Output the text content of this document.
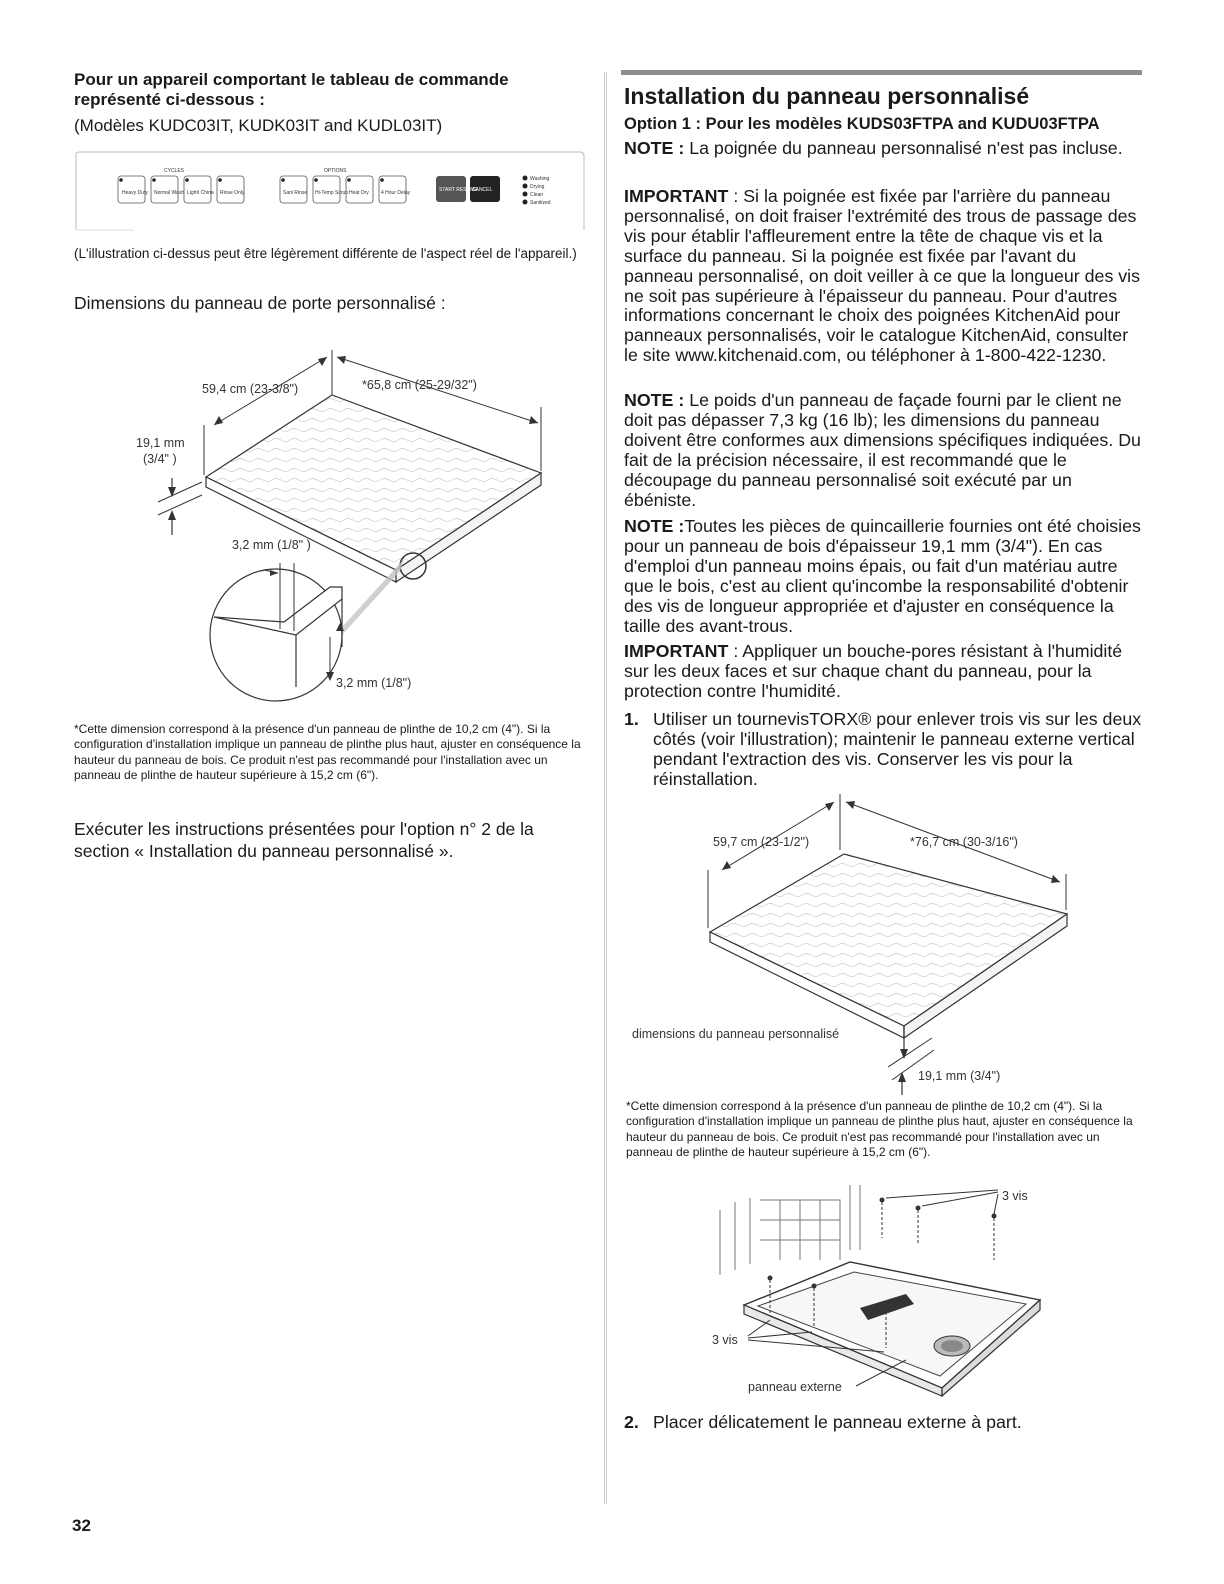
Pour un appareil comportant le tableau de commande représenté ci-dessous :
(Modèles KUDC03IT, KUDK03IT and KUDL03IT)
CYCLES	OPTIONS
Heavy Duty Normal Wash Light/ China Rinse Only	Sani Rinse Hi-Temp Scrub Heat Dry 4 Hour Delay	START RESUME
CANCEL
Washing
Drying
Clean
Sanitized
(L'illustration ci-dessus peut être légèrement différente de l'aspect réel de l'appareil.)
Dimensions du panneau de porte personnalisé :
59,4 cm (23-3/8")	*65,8 cm (25-29/32")
19,1 mm
(3/4" )
3,2 mm (1/8" )
3,2 mm (1/8")
*Cette dimension correspond à la présence d'un panneau de plinthe de 10,2 cm (4"). Si la configuration d'installation implique un panneau de plinthe plus haut, ajuster en conséquence la hauteur du panneau de bois. Ce produit n'est pas recommandé pour l'installation avec un panneau de plinthe de hauteur supérieure à 15,2 cm (6").
Exécuter les instructions présentées pour l'option n° 2 de la section « Installation du panneau personnalisé ».
32
Installation du panneau personnalisé
Option 1 : Pour les modèles KUDS03FTPA and KUDU03FTPA

NOTE : La poignée du panneau personnalisé n'est pas incluse.

IMPORTANT : Si la poignée est fixée par l'arrière du panneau personnalisé, on doit fraiser l'extrémité des trous de passage des vis pour établir l'affleurement entre la tête de chaque vis et la surface du panneau. Si la poignée est fixée par l'avant du panneau personnalisé, on doit veiller à ce que la longueur des vis ne soit pas supérieure à l'épaisseur du panneau. Pour d'autres informations concernant le choix des poignées KitchenAid pour panneaux personnalisés, voir le catalogue KitchenAid, consulter le site www.kitchenaid.com, ou téléphoner à 1-800-422-1230.

NOTE : Le poids d'un panneau de façade fourni par le client ne doit pas dépasser 7,3 kg (16 lb); les dimensions du panneau doivent être conformes aux dimensions spécifiques indiquées. Du fait de la précision nécessaire, il est recommandé que le découpage du panneau personnalisé soit exécuté par un ébéniste.

NOTE :Toutes les pièces de quincaillerie fournies ont été choisies pour un panneau de bois d'épaisseur 19,1 mm (3/4"). En cas d'emploi d'un panneau moins épais, ou fait d'un matériau autre que le bois, c'est au client qu'incombe la responsabilité d'obtenir des vis de longueur appropriée et d'ajuster en conséquence la taille des avant-trous.

IMPORTANT : Appliquer un bouche-pores résistant à l'humidité sur les deux faces et sur chaque chant du panneau, pour la protection contre l'humidité.

1. Utiliser un tournevisTORX® pour enlever trois vis sur les deux côtés (voir l'illustration); maintenir le panneau externe vertical pendant l'extraction des vis. Conserver les vis pour la réinstallation.
59,7 cm (23-1/2")	*76,7 cm (30-3/16")
dimensions du panneau personnalisé
19,1 mm (3/4")
*Cette dimension correspond à la présence d'un panneau de plinthe de 10,2 cm (4"). Si la configuration d'installation implique un panneau de plinthe plus haut, ajuster en conséquence la hauteur du panneau de bois. Ce produit n'est pas recommandé pour l'installation avec un panneau de plinthe de hauteur supérieure à 15,2 cm (6").
3 vis
3 vis
panneau externe
2. Placer délicatement le panneau externe à part.
